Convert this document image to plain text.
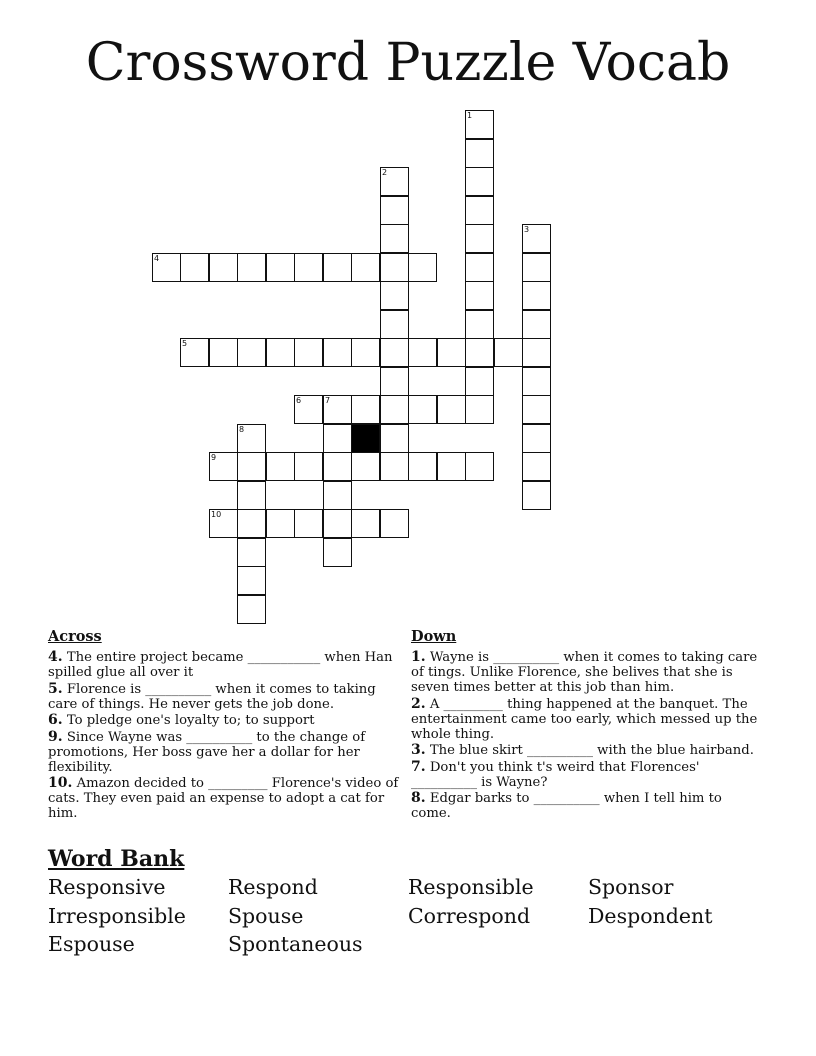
Crossword Puzzle Vocab
1
2
3
4
5
6	7
8
9
10
Across
4. The entire project became ___________ when Han spilled glue all over it
5. Florence is __________ when it comes to taking care of things. He never gets the job done.
6. To pledge one's loyalty to; to support
9. Since Wayne was __________ to the change of promotions, Her boss gave her a dollar for her flexibility.
10. Amazon decided to _________ Florence's video of cats. They even paid an expense to adopt a cat for him.
Down
1. Wayne is __________ when it comes to taking care of tings. Unlike Florence, she belives that she is seven times better at this job than him.
2. A _________ thing happened at the banquet. The entertainment came too early, which messed up the whole thing.
3. The blue skirt __________ with the blue hairband.
7. Don't you think t's weird that Florences' __________ is Wayne?
8. Edgar barks to __________ when I tell him to come.
Word Bank
Responsive	Respond	Responsible	Sponsor
Irresponsible	Spouse	Correspond	Despondent
Espouse	Spontaneous
